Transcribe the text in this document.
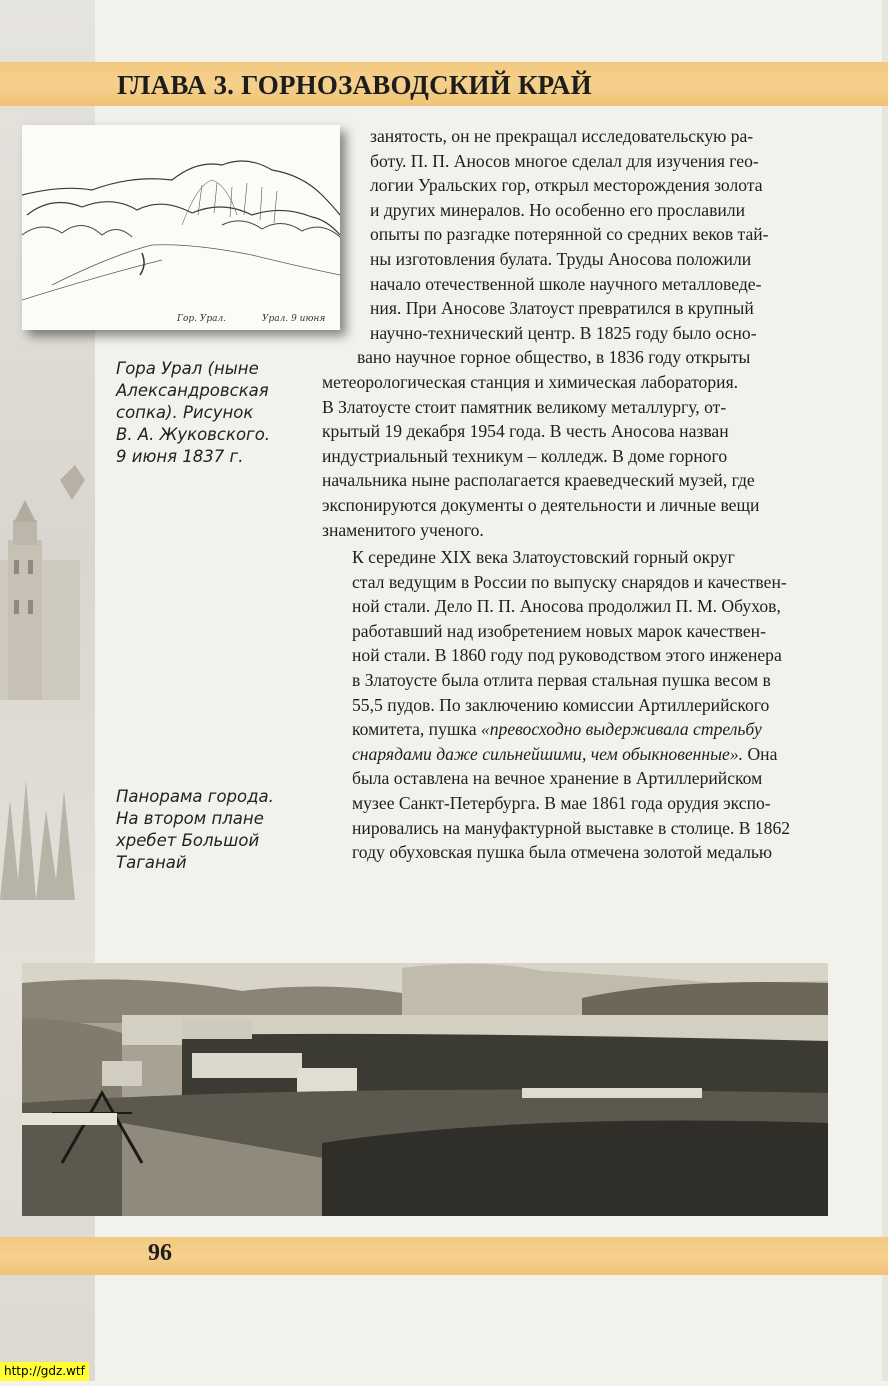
ГЛАВА 3. ГОРНОЗАВОДСКИЙ КРАЙ
Гор. Урал.	Урал. 9 июня
Гора Урал (ныне
Александровская
сопка). Рисунок
В. А. Жуковского.
9 июня 1837 г.
Панорама города.
На втором плане
хребет Большой
Таганай
занятость, он не прекращал исследовательскую ра-
боту. П. П. Аносов многое сделал для изучения гео-
логии Уральских гор, открыл месторождения золота
и других минералов. Но особенно его прославили
опыты по разгадке потерянной со средних веков тай-
ны изготовления булата. Труды Аносова положили
начало отечественной школе научного металловеде-
ния. При Аносове Златоуст превратился в крупный
научно-технический центр. В 1825 году было осно-
вано научное горное общество, в 1836 году открыты
метеорологическая станция и химическая лаборатория.
В Златоусте стоит памятник великому металлургу, от-
крытый 19 декабря 1954 года. В честь Аносова назван
индустриальный техникум – колледж. В доме горного
начальника ныне располагается краеведческий музей, где
экспонируются документы о деятельности и личные вещи
знаменитого ученого.
К середине XIX века Златоустовский горный округ
стал ведущим в России по выпуску снарядов и качествен-
ной стали. Дело П. П. Аносова продолжил П. М. Обухов,
работавший над изобретением новых марок качествен-
ной стали. В 1860 году под руководством этого инженера
в Златоусте была отлита первая стальная пушка весом в
55,5 пудов. По заключению комиссии Артиллерийского
комитета, пушка «превосходно выдерживала стрельбу
снарядами даже сильнейшими, чем обыкновенные». Она
была оставлена на вечное хранение в Артиллерийском
музее Санкт-Петербурга. В мае 1861 года орудия экспо-
нировались на мануфактурной выставке в столице. В 1862
году обуховская пушка была отмечена золотой медалью
96
http://gdz.wtf
